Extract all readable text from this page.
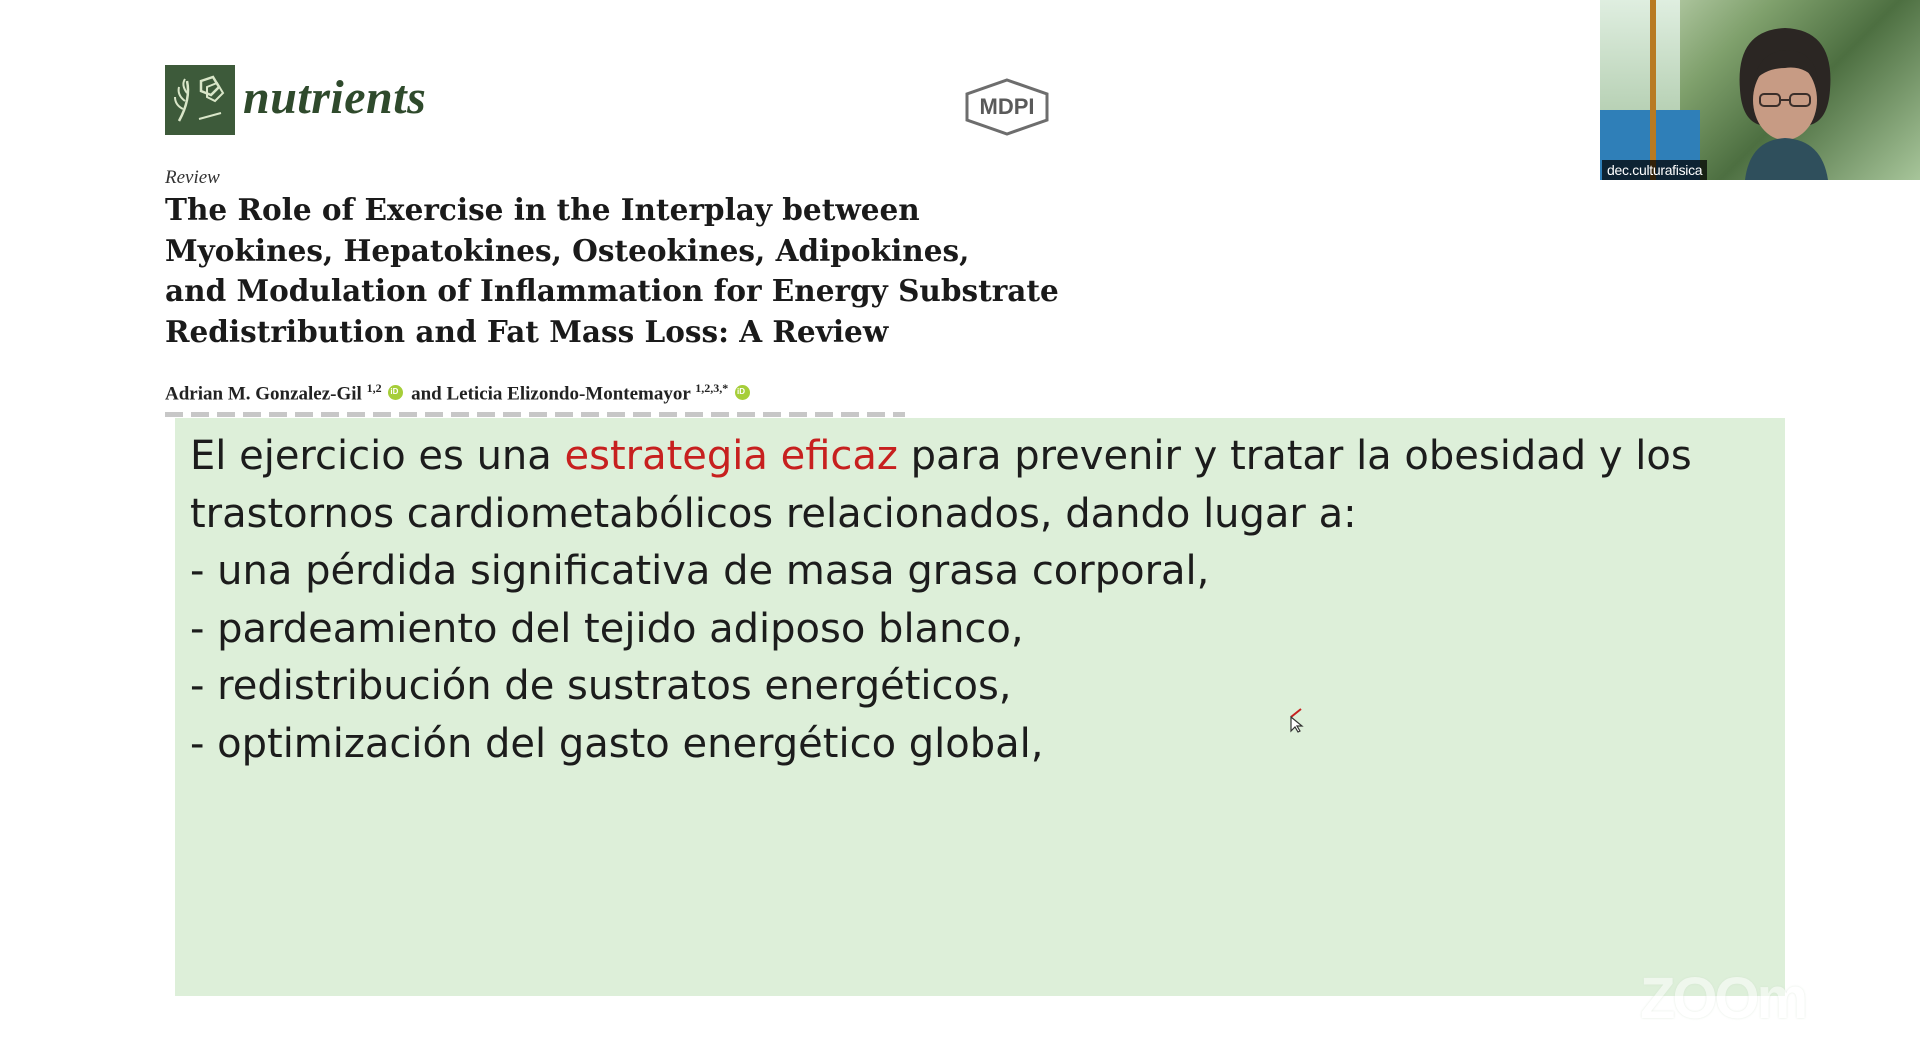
nutrients	MDPI
Review
The Role of Exercise in the Interplay between
Myokines, Hepatokines, Osteokines, Adipokines,
and Modulation of Inflammation for Energy Substrate
Redistribution and Fat Mass Loss: A Review
Adrian M. Gonzalez-Gil $^{1,2}$ iD and Leticia Elizondo-Montemayor $^{1,2,3,*}$ iD

El ejercicio es una estrategia eficaz para prevenir y tratar la obesidad y los
trastornos cardiometabólicos relacionados, dando lugar a:
- una pérdida significativa de masa grasa corporal,
- pardeamiento del tejido adiposo blanco,
- redistribución de sustratos energéticos,
- optimización del gasto energético global,

dec.culturafisica
ZOOm
